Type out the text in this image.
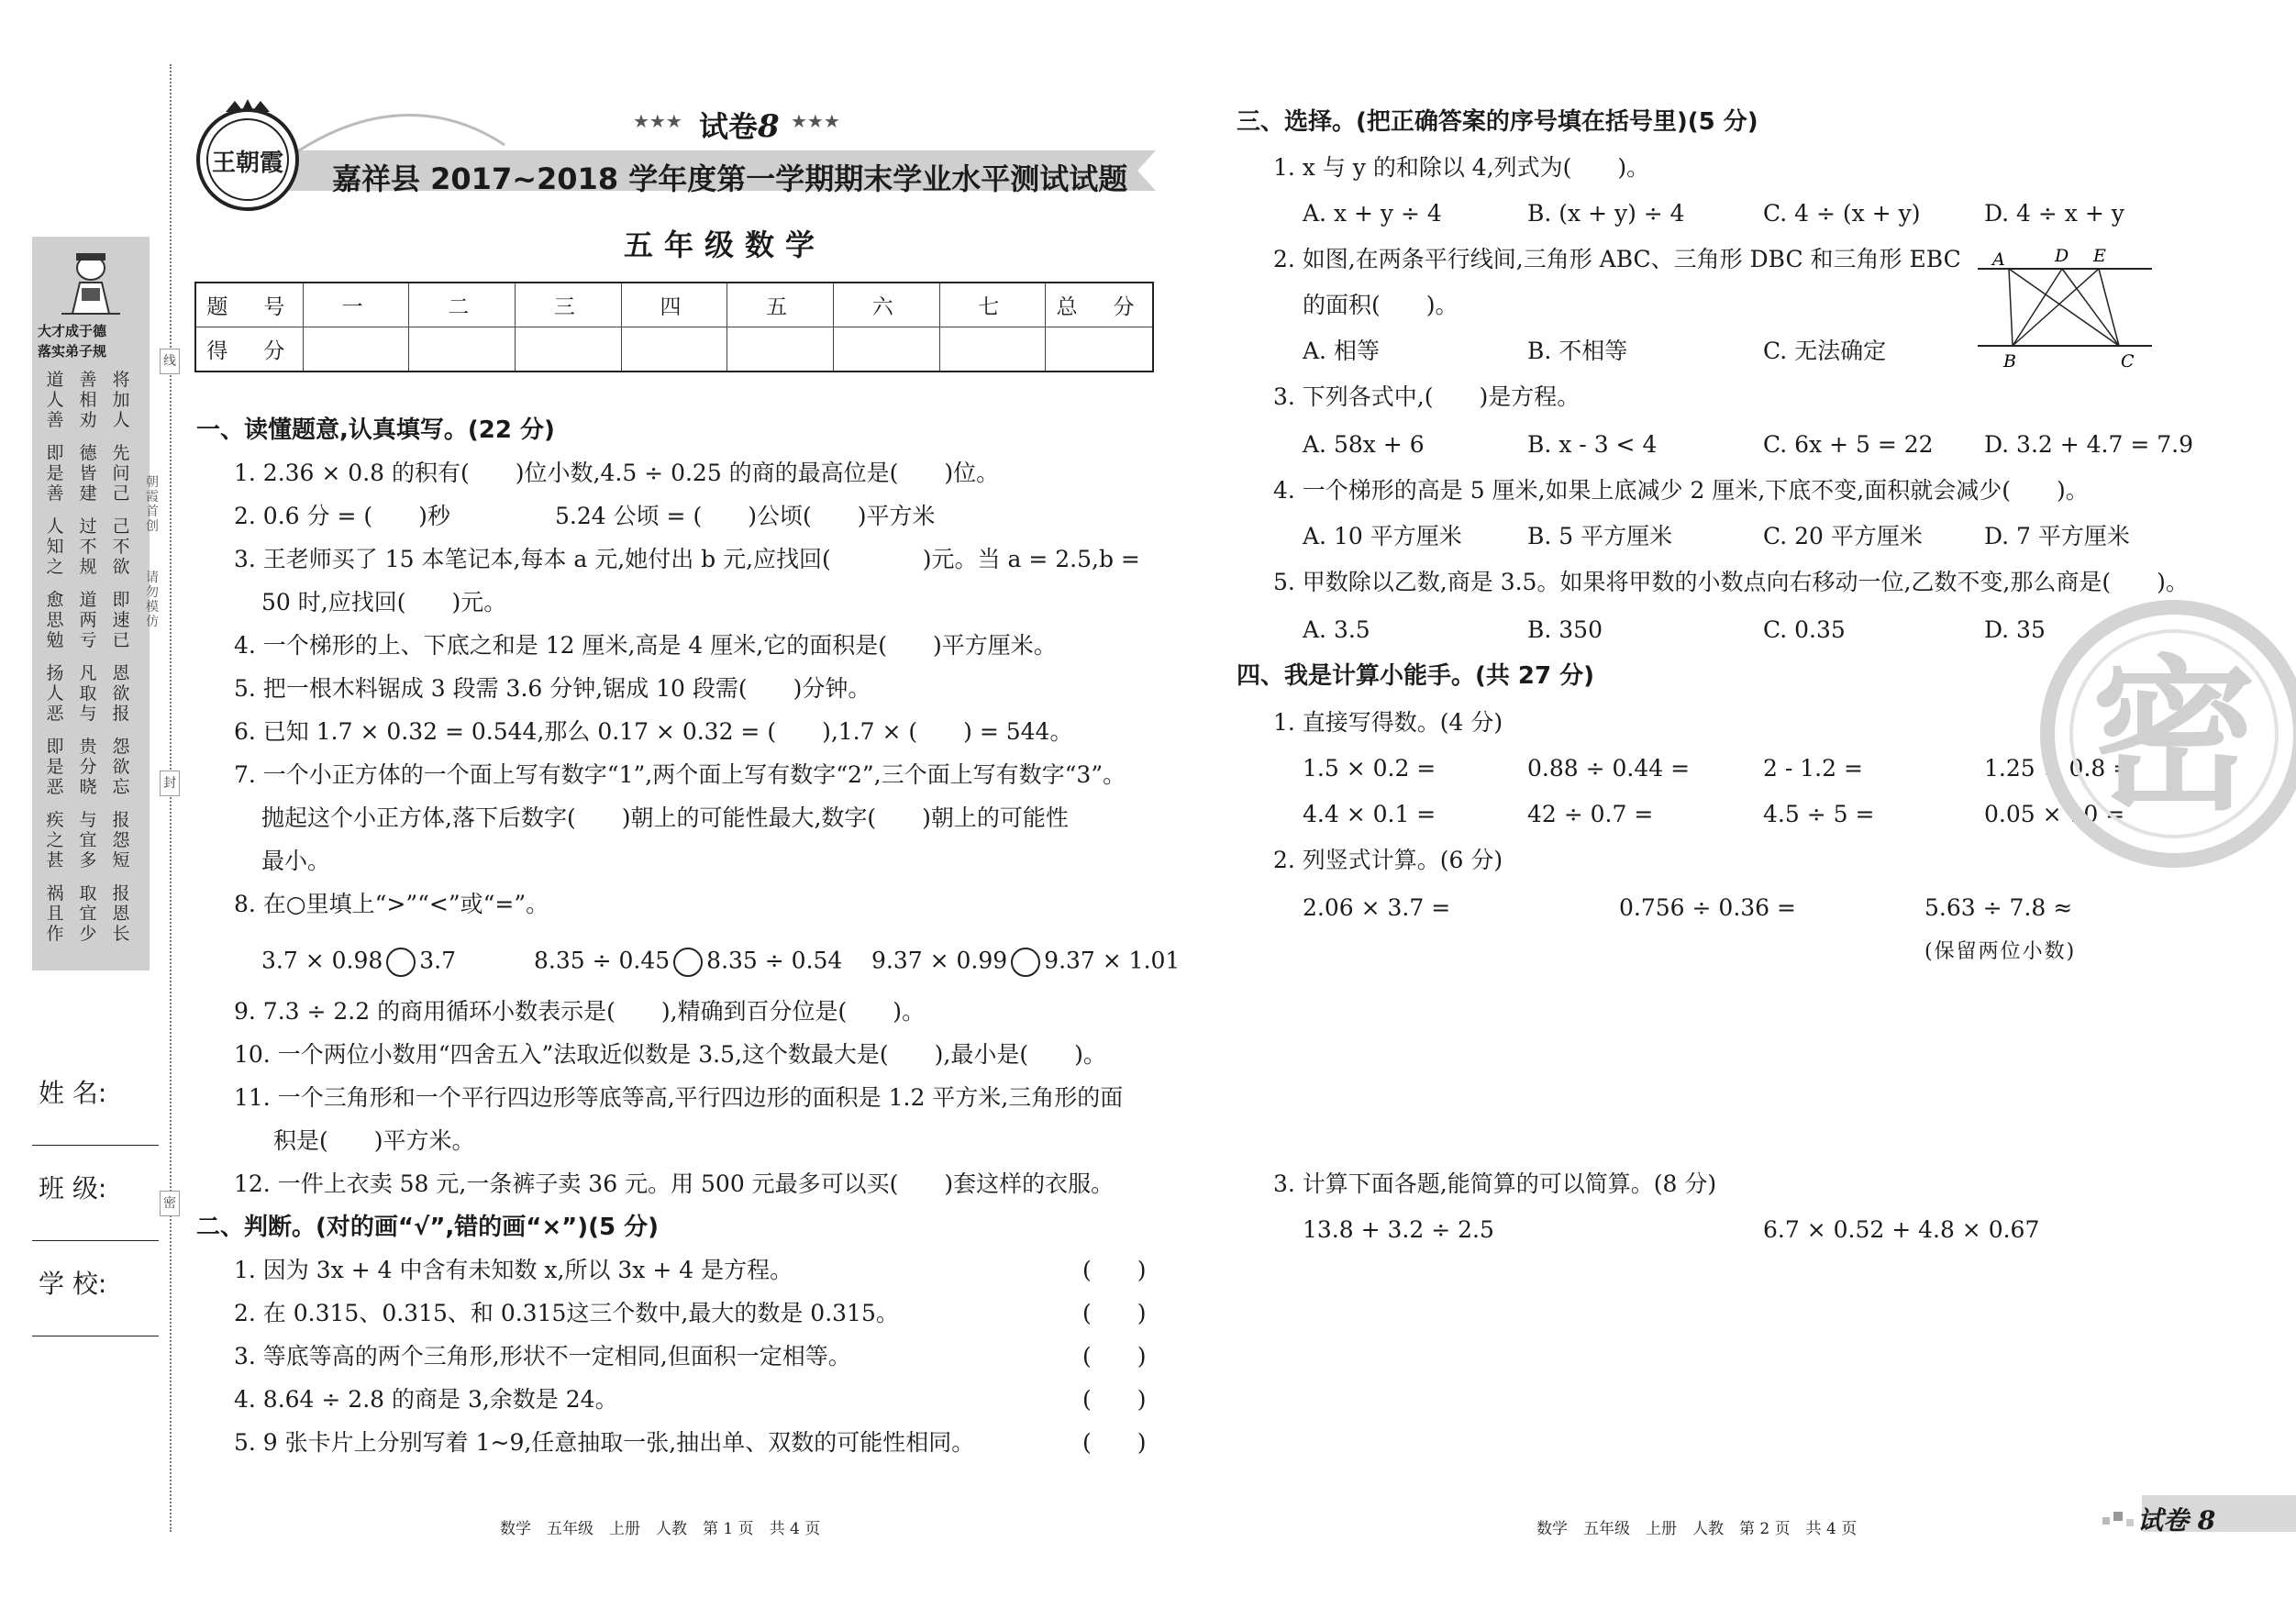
大才成于德
落实弟子规
道人善
善相劝
将加人
即是善
德皆建
先问己
人知之
过不规
己不欲
愈思勉
道两亏
即速已
扬人恶
凡取与
恩欲报
即是恶
贵分晓
怨欲忘
疾之甚
与宜多
报怨短
祸且作
取宜少
报恩长
朝霞首创
请勿模仿
线
封
密
姓 名:
班 级:
学 校:
王朝霞
★★★ 试卷8 ★★★
嘉祥县 2017~2018 学年度第一学期期末学业水平测试试题
五年级数学
题　号	一	二	三	四	五	六	七	总　分
得　分								
一、读懂题意,认真填写。(22 分)
1. 2.36 × 0.8 的积有(　　)位小数,4.5 ÷ 0.25 的商的最高位是(　　)位。
2. 0.6 分 = (　　)秒	5.24 公顷 = (　　)公顷(　　)平方米
3. 王老师买了 15 本笔记本,每本 a 元,她付出 b 元,应找回(　　　　)元。当 a = 2.5,b =
50 时,应找回(　　)元。
4. 一个梯形的上、下底之和是 12 厘米,高是 4 厘米,它的面积是(　　)平方厘米。
5. 把一根木料锯成 3 段需 3.6 分钟,锯成 10 段需(　　)分钟。
6. 已知 1.7 × 0.32 = 0.544,那么 0.17 × 0.32 = (　　),1.7 × (　　) = 544。
7. 一个小正方体的一个面上写有数字“1”,两个面上写有数字“2”,三个面上写有数字“3”。
抛起这个小正方体,落下后数字(　　)朝上的可能性最大,数字(　　)朝上的可能性
最小。
8. 在○里填上“>”“<”或“=”。
3.7 × 0.98 3.7	8.35 ÷ 0.45 8.35 ÷ 0.54 9.37 × 0.99 9.37 × 1.01
9. 7.3 ÷ 2.2 的商用循环小数表示是(　　),精确到百分位是(　　)。
10. 一个两位小数用“四舍五入”法取近似数是 3.5,这个数最大是(　　),最小是(　　)。
11. 一个三角形和一个平行四边形等底等高,平行四边形的面积是 1.2 平方米,三角形的面
积是(　　)平方米。
12. 一件上衣卖 58 元,一条裤子卖 36 元。用 500 元最多可以买(　　)套这样的衣服。
二、判断。(对的画“√”,错的画“×”)(5 分)
1. 因为 3x + 4 中含有未知数 x,所以 3x + 4 是方程。	(　　)
2. 在 0.315、0.315、和 0.315这三个数中,最大的数是 0.315。	(　　)
3. 等底等高的两个三角形,形状不一定相同,但面积一定相等。	(　　)
4. 8.64 ÷ 2.8 的商是 3,余数是 24。	(　　)
5. 9 张卡片上分别写着 1~9,任意抽取一张,抽出单、双数的可能性相同。	(　　)
数学　五年级　上册　人教　第 1 页　共 4 页
三、选择。(把正确答案的序号填在括号里)(5 分)
1. x 与 y 的和除以 4,列式为(　　)。
A. x + y ÷ 4	B. (x + y) ÷ 4	C. 4 ÷ (x + y)	D. 4 ÷ x + y
2. 如图,在两条平行线间,三角形 ABC、三角形 DBC 和三角形 EBC
的面积(　　)。
A. 相等	B. 不相等	C. 无法确定
A	D E
B	C
3. 下列各式中,(　　)是方程。
A. 58x + 6	B. x - 3 < 4	C. 6x + 5 = 22 D. 3.2 + 4.7 = 7.9
4. 一个梯形的高是 5 厘米,如果上底减少 2 厘米,下底不变,面积就会减少(　　)。
A. 10 平方厘米	B. 5 平方厘米	C. 20 平方厘米	D. 7 平方厘米
5. 甲数除以乙数,商是 3.5。如果将甲数的小数点向右移动一位,乙数不变,那么商是(　　)。
A. 3.5	B. 350	C. 0.35	D. 35
四、我是计算小能手。(共 27 分)
1. 直接写得数。(4 分)
1.5 × 0.2 =	0.88 ÷ 0.44 =	2 - 1.2 =	1.25 × 0.8 =
4.4 × 0.1 =	42 ÷ 0.7 =	4.5 ÷ 5 =	0.05 × 10 =
2. 列竖式计算。(6 分)
2.06 × 3.7 =	0.756 ÷ 0.36 =	5.63 ÷ 7.8 ≈
(保留两位小数)
3. 计算下面各题,能简算的可以简算。(8 分)
13.8 + 3.2 ÷ 2.5	6.7 × 0.52 + 4.8 × 0.67
密
数学　五年级　上册　人教　第 2 页　共 4 页	试卷 8
